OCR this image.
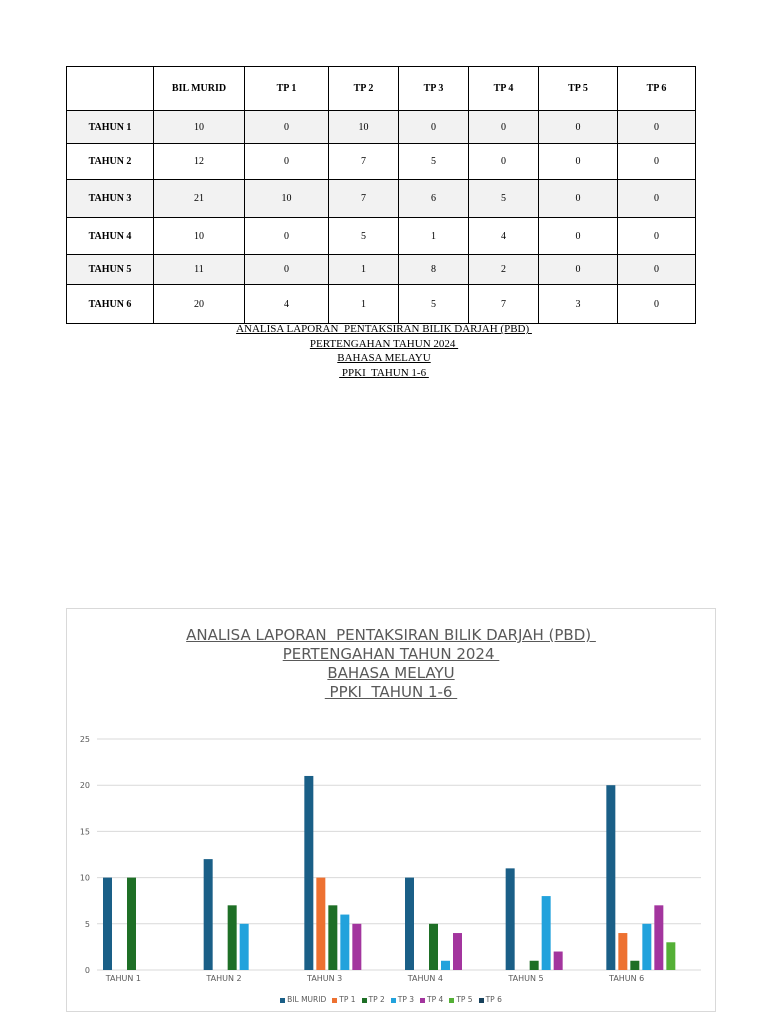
	BIL MURID	TP 1	TP 2	TP 3	TP 4	TP 5	TP 6
TAHUN 1	10	0	10	0	0	0	0
TAHUN 2	12	0	7	5	0	0	0
TAHUN 3	21	10	7	6	5	0	0
TAHUN 4	10	0	5	1	4	0	0
TAHUN 5	11	0	1	8	2	0	0
TAHUN 6	20	4	1	5	7	3	0
ANALISA LAPORAN  PENTAKSIRAN BILIK DARJAH (PBD)
PERTENGAHAN TAHUN 2024
BAHASA MELAYU
PPKI  TAHUN 1-6
ANALISA LAPORAN  PENTAKSIRAN BILIK DARJAH (PBD)
PERTENGAHAN TAHUN 2024
BAHASA MELAYU
PPKI  TAHUN 1-6
0
5
10
15
20
25
TAHUN 1	TAHUN 2	TAHUN 3	TAHUN 4	TAHUN 5	TAHUN 6
BIL MURID TP 1 TP 2 TP 3 TP 4 TP 5 TP 6
